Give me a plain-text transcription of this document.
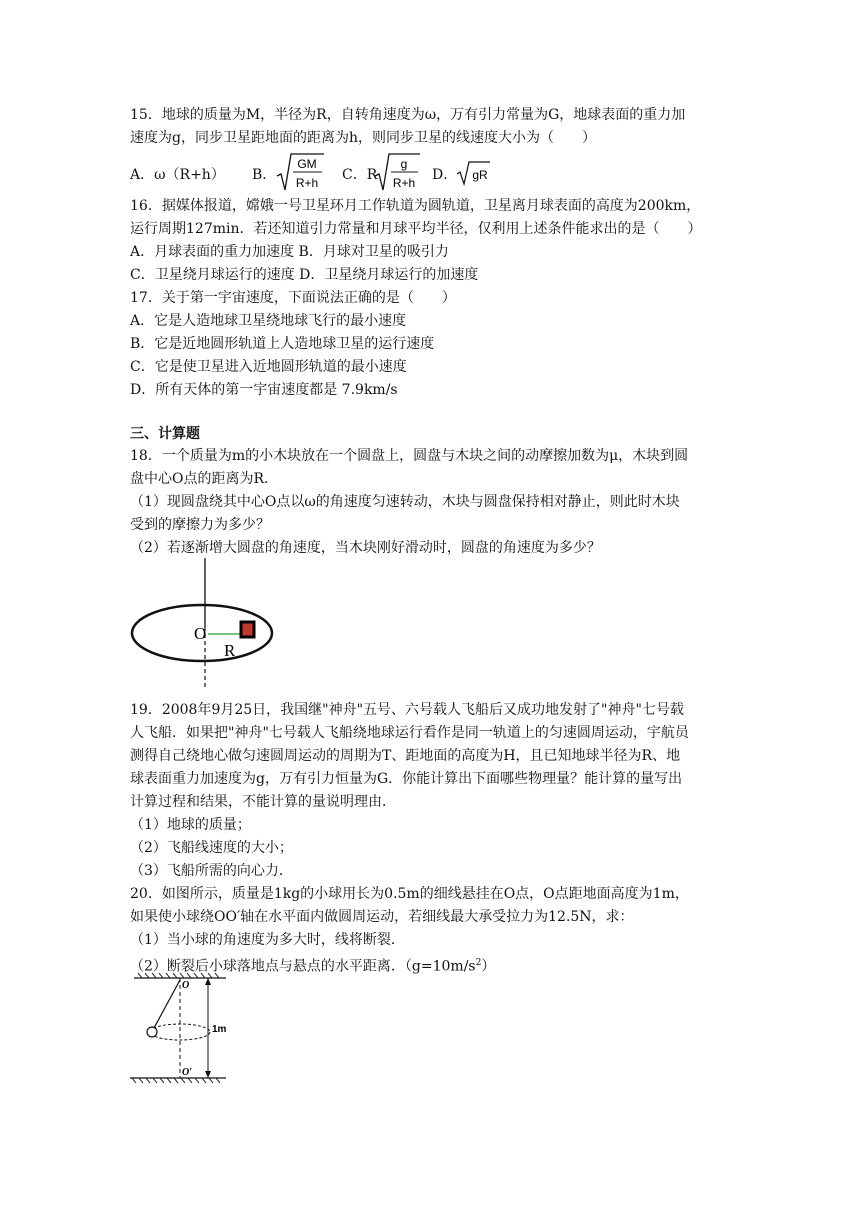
15．地球的质量为M，半径为R，自转角速度为ω，万有引力常量为G，地球表面的重力加
速度为g，同步卫星距地面的距离为h，则同步卫星的线速度大小为（　　）
A．ω（R+h） B．
GM
R+h C．R
g
R+h D． gR
16．据媒体报道，嫦娥一号卫星环月工作轨道为圆轨道，卫星离月球表面的高度为200km，
运行周期127min．若还知道引力常量和月球平均半径，仅利用上述条件能求出的是（　　）
A．月球表面的重力加速度 B．月球对卫星的吸引力
C．卫星绕月球运行的速度 D．卫星绕月球运行的加速度
17．关于第一宇宙速度，下面说法正确的是（　　）
A．它是人造地球卫星绕地球飞行的最小速度
B．它是近地圆形轨道上人造地球卫星的运行速度
C．它是使卫星进入近地圆形轨道的最小速度
D．所有天体的第一宇宙速度都是 7.9km/s
三、计算题
18．一个质量为m的小木块放在一个圆盘上，圆盘与木块之间的动摩擦加数为μ，木块到圆
盘中心O点的距离为R．
（1）现圆盘绕其中心O点以ω的角速度匀速转动，木块与圆盘保持相对静止，则此时木块
受到的摩擦力为多少？
（2）若逐渐增大圆盘的角速度，当木块刚好滑动时，圆盘的角速度为多少？
O
R
19．2008年9月25日，我国继"神舟"五号、六号载人飞船后又成功地发射了"神舟"七号载
人飞船．如果把"神舟"七号载人飞船绕地球运行看作是同一轨道上的匀速圆周运动，宇航员
测得自己绕地心做匀速圆周运动的周期为T、距地面的高度为H，且已知地球半径为R、地
球表面重力加速度为g，万有引力恒量为G．你能计算出下面哪些物理量？能计算的量写出
计算过程和结果，不能计算的量说明理由．
（1）地球的质量；
（2）飞船线速度的大小；
（3）飞船所需的向心力．
20．如图所示，质量是1kg的小球用长为0.5m的细线悬挂在O点，O点距地面高度为1m，
如果使小球绕OO′轴在水平面内做圆周运动，若细线最大承受拉力为12.5N，求：
（1）当小球的角速度为多大时，线将断裂．
（2）断裂后小球落地点与悬点的水平距离．$(g=10m/s^2)$
O
O′
1m
